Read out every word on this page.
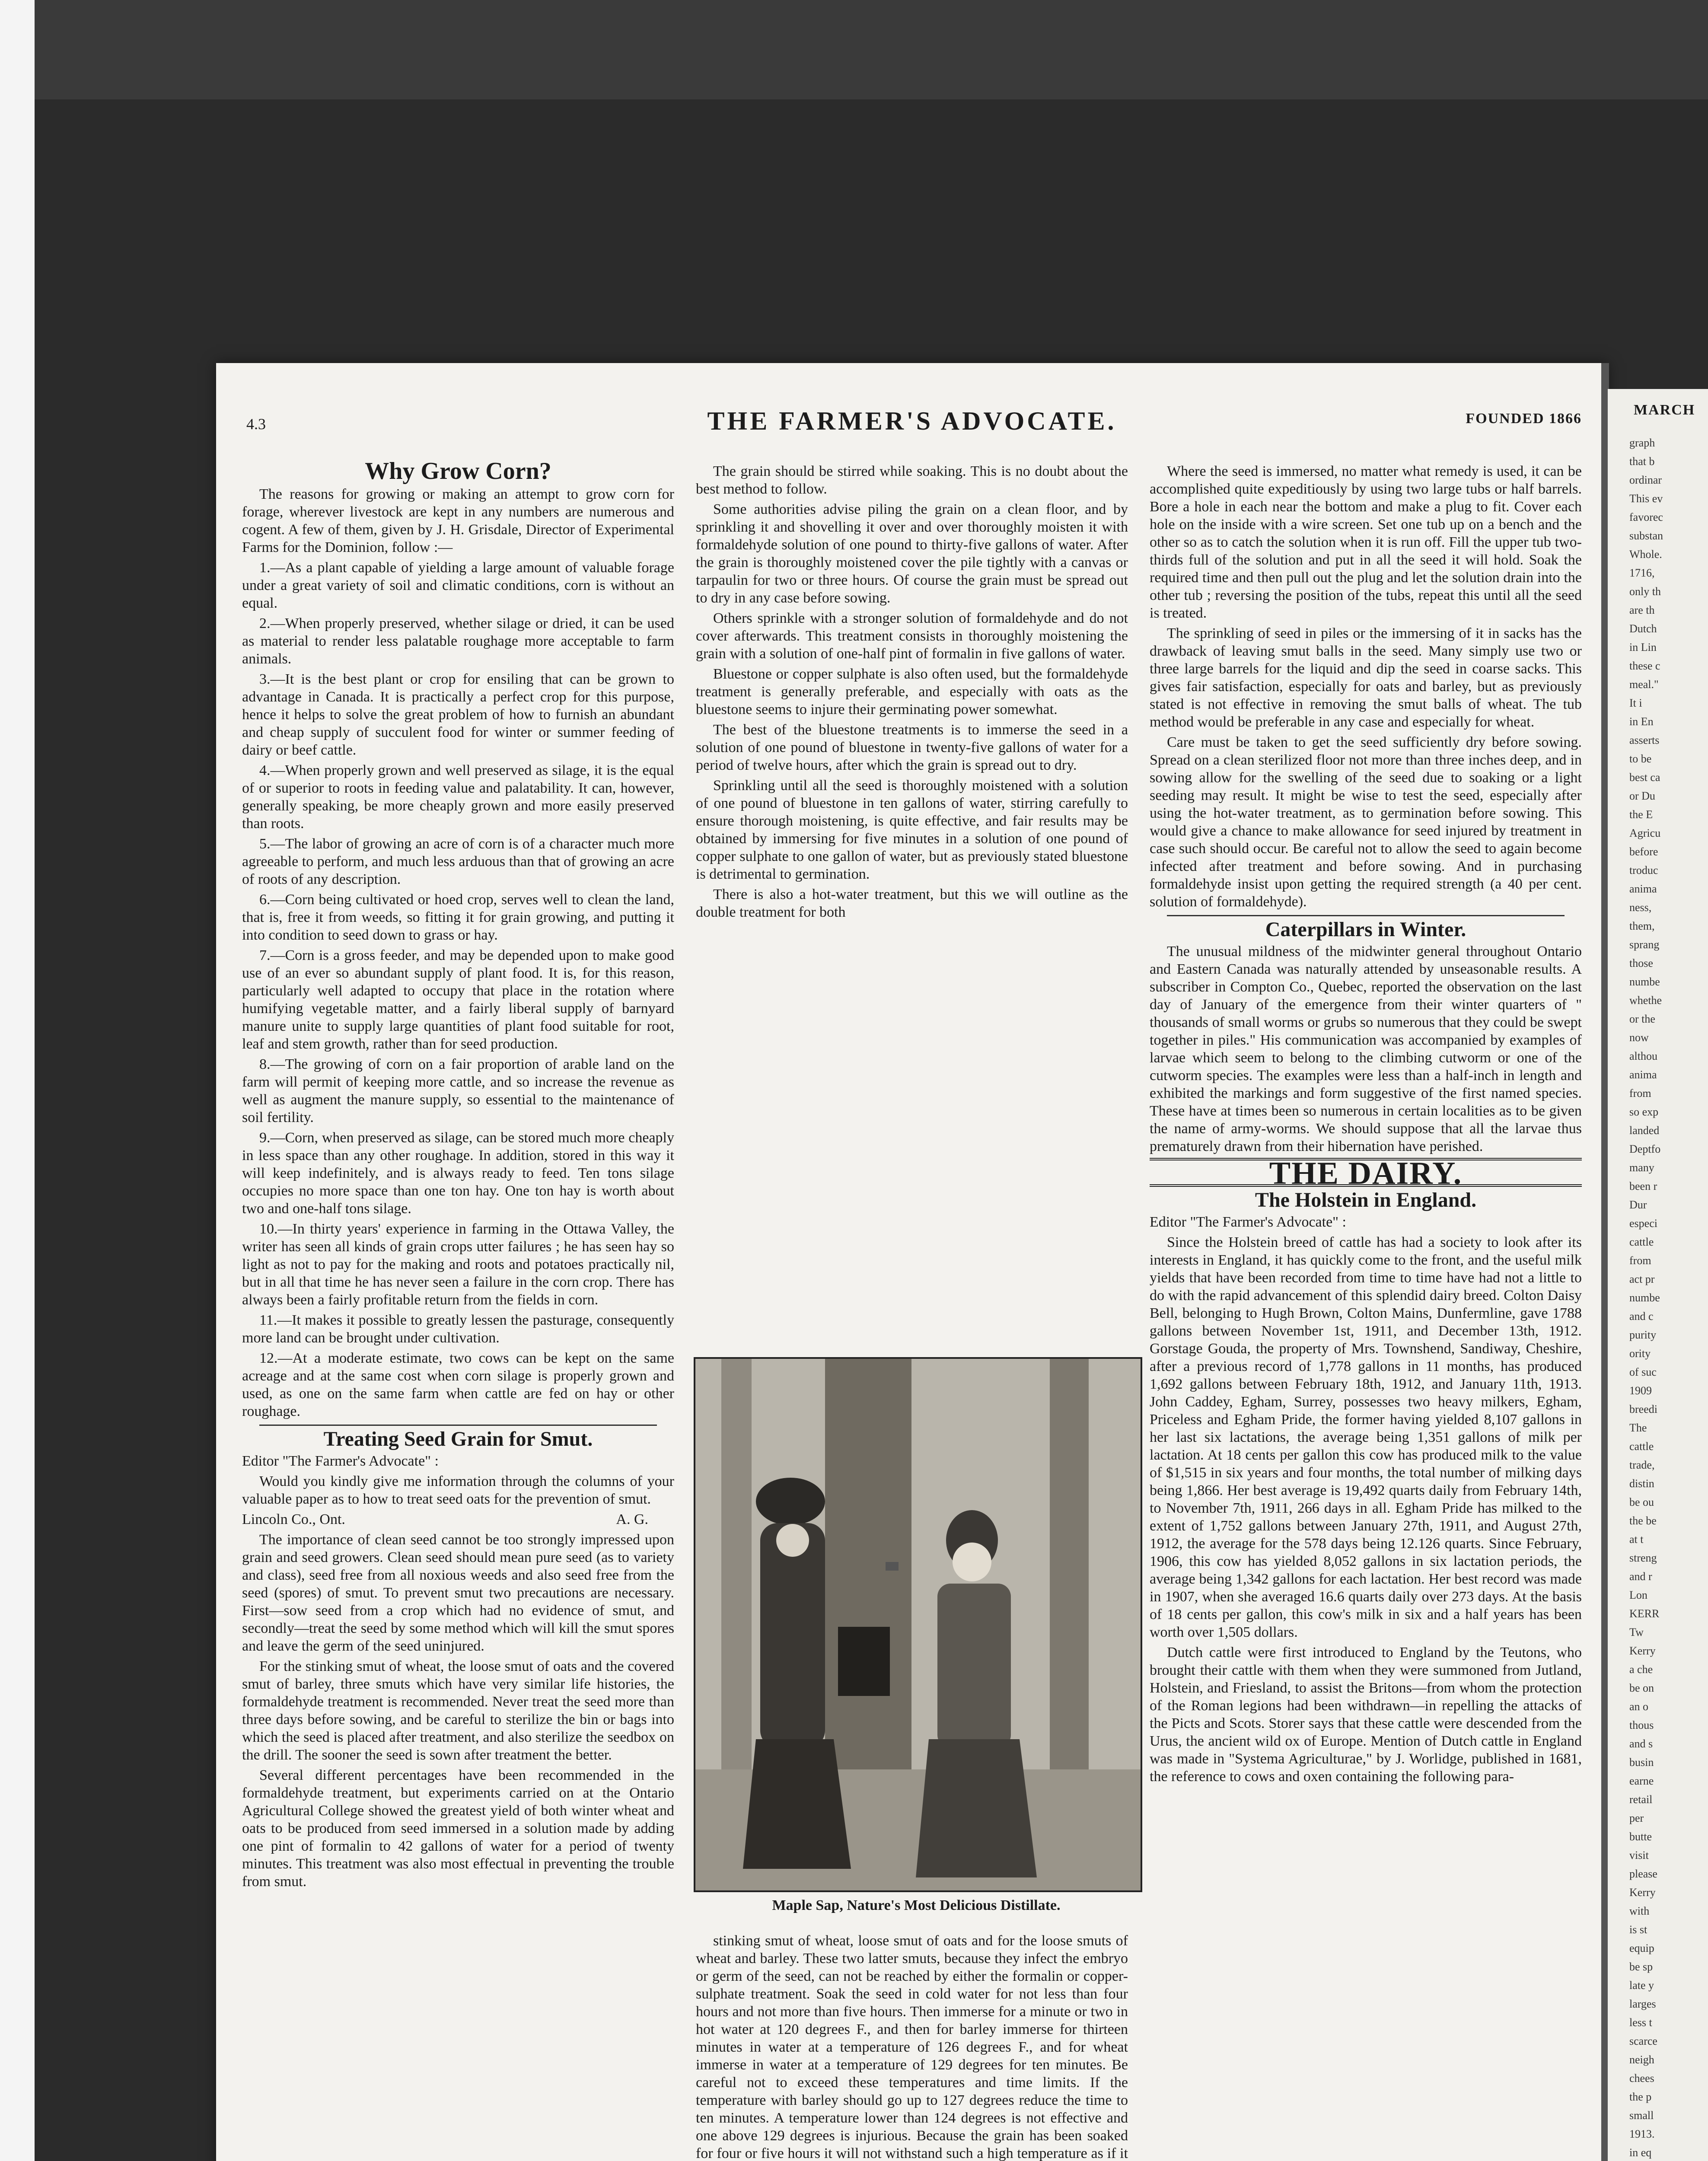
4.3	THE FARMER'S ADVOCATE.	FOUNDED 1866
Why Grow Corn?

The reasons for growing or making an attempt to grow corn for forage, wherever livestock are kept in any numbers are numerous and cogent. A few of them, given by J. H. Grisdale, Director of Experimental Farms for the Dominion, follow :—

1.—As a plant capable of yielding a large amount of valuable forage under a great variety of soil and climatic conditions, corn is without an equal.

2.—When properly preserved, whether silage or dried, it can be used as material to render less palatable roughage more acceptable to farm animals.

3.—It is the best plant or crop for ensiling that can be grown to advantage in Canada. It is practically a perfect crop for this purpose, hence it helps to solve the great problem of how to furnish an abundant and cheap supply of succulent food for winter or summer feeding of dairy or beef cattle.

4.—When properly grown and well preserved as silage, it is the equal of or superior to roots in feeding value and palatability. It can, however, generally speaking, be more cheaply grown and more easily preserved than roots.

5.—The labor of growing an acre of corn is of a character much more agreeable to perform, and much less arduous than that of growing an acre of roots of any description.

6.—Corn being cultivated or hoed crop, serves well to clean the land, that is, free it from weeds, so fitting it for grain growing, and putting it into condition to seed down to grass or hay.

7.—Corn is a gross feeder, and may be depended upon to make good use of an ever so abundant supply of plant food. It is, for this reason, particularly well adapted to occupy that place in the rotation where humifying vegetable matter, and a fairly liberal supply of barnyard manure unite to supply large quantities of plant food suitable for root, leaf and stem growth, rather than for seed production.

8.—The growing of corn on a fair proportion of arable land on the farm will permit of keeping more cattle, and so increase the revenue as well as augment the manure supply, so essential to the maintenance of soil fertility.

9.—Corn, when preserved as silage, can be stored much more cheaply in less space than any other roughage. In addition, stored in this way it will keep indefinitely, and is always ready to feed. Ten tons silage occupies no more space than one ton hay. One ton hay is worth about two and one-half tons silage.

10.—In thirty years' experience in farming in the Ottawa Valley, the writer has seen all kinds of grain crops utter failures ; he has seen hay so light as not to pay for the making and roots and potatoes practically nil, but in all that time he has never seen a failure in the corn crop. There has always been a fairly profitable return from the fields in corn.

11.—It makes it possible to greatly lessen the pasturage, consequently more land can be brought under cultivation.

12.—At a moderate estimate, two cows can be kept on the same acreage and at the same cost when corn silage is properly grown and used, as one on the same farm when cattle are fed on hay or other roughage.

Treating Seed Grain for Smut.

Editor "The Farmer's Advocate" :

Would you kindly give me information through the columns of your valuable paper as to how to treat seed oats for the prevention of smut.

Lincoln Co., Ont.	A. G.

The importance of clean seed cannot be too strongly impressed upon grain and seed growers. Clean seed should mean pure seed (as to variety and class), seed free from all noxious weeds and also seed free from the seed (spores) of smut. To prevent smut two precautions are necessary. First—sow seed from a crop which had no evidence of smut, and secondly—treat the seed by some method which will kill the smut spores and leave the germ of the seed uninjured.

For the stinking smut of wheat, the loose smut of oats and the covered smut of barley, three smuts which have very similar life histories, the formaldehyde treatment is recommended. Never treat the seed more than three days before sowing, and be careful to sterilize the bin or bags into which the seed is placed after treatment, and also sterilize the seedbox on the drill. The sooner the seed is sown after treatment the better.

Several different percentages have been recommended in the formaldehyde treatment, but experiments carried on at the Ontario Agricultural College showed the greatest yield of both winter wheat and oats to be produced from seed immersed in a solution made by adding one pint of formalin to 42 gallons of water for a period of twenty minutes. This treatment was also most effectual in preventing the trouble from smut.

The grain should be stirred while soaking. This is no doubt about the best method to follow.

Some authorities advise piling the grain on a clean floor, and by sprinkling it and shovelling it over and over thoroughly moisten it with formaldehyde solution of one pound to thirty-five gallons of water. After the grain is thoroughly moistened cover the pile tightly with a canvas or tarpaulin for two or three hours. Of course the grain must be spread out to dry in any case before sowing.

Others sprinkle with a stronger solution of formaldehyde and do not cover afterwards. This treatment consists in thoroughly moistening the grain with a solution of one-half pint of formalin in five gallons of water.

Bluestone or copper sulphate is also often used, but the formaldehyde treatment is generally preferable, and especially with oats as the bluestone seems to injure their germinating power somewhat.

The best of the bluestone treatments is to immerse the seed in a solution of one pound of bluestone in twenty-five gallons of water for a period of twelve hours, after which the grain is spread out to dry.

Sprinkling until all the seed is thoroughly moistened with a solution of one pound of bluestone in ten gallons of water, stirring carefully to ensure thorough moistening, is quite effective, and fair results may be obtained by immersing for five minutes in a solution of one pound of copper sulphate to one gallon of water, but as previously stated bluestone is detrimental to germination.

There is also a hot-water treatment, but this we will outline as the double treatment for both

Maple Sap, Nature's Most Delicious Distillate.

stinking smut of wheat, loose smut of oats and for the loose smuts of wheat and barley. These two latter smuts, because they infect the embryo or germ of the seed, can not be reached by either the formalin or copper-sulphate treatment. Soak the seed in cold water for not less than four hours and not more than five hours. Then immerse for a minute or two in hot water at 120 degrees F., and then for barley immerse for thirteen minutes in water at a temperature of 126 degrees F., and for wheat immerse in water at a temperature of 129 degrees for ten minutes. Be careful not to exceed these temperatures and time limits. If the temperature with barley should go up to 127 degrees reduce the time to ten minutes. A temperature lower than 124 degrees is not effective and one above 129 degrees is injurious. Because the grain has been soaked for four or five hours it will not withstand such a high temperature as if it

Where the seed is immersed, no matter what remedy is used, it can be accomplished quite expeditiously by using two large tubs or half barrels. Bore a hole in each near the bottom and make a plug to fit. Cover each hole on the inside with a wire screen. Set one tub up on a bench and the other so as to catch the solution when it is run off. Fill the upper tub two-thirds full of the solution and put in all the seed it will hold. Soak the required time and then pull out the plug and let the solution drain into the other tub ; reversing the position of the tubs, repeat this until all the seed is treated.

The sprinkling of seed in piles or the immersing of it in sacks has the drawback of leaving smut balls in the seed. Many simply use two or three large barrels for the liquid and dip the seed in coarse sacks. This gives fair satisfaction, especially for oats and barley, but as previously stated is not effective in removing the smut balls of wheat. The tub method would be preferable in any case and especially for wheat.

Care must be taken to get the seed sufficiently dry before sowing. Spread on a clean sterilized floor not more than three inches deep, and in sowing allow for the swelling of the seed due to soaking or a light seeding may result. It might be wise to test the seed, especially after using the hot-water treatment, as to germination before sowing. This would give a chance to make allowance for seed injured by treatment in case such should occur. Be careful not to allow the seed to again become infected after treatment and before sowing. And in purchasing formaldehyde insist upon getting the required strength (a 40 per cent. solution of formaldehyde).

Caterpillars in Winter.

The unusual mildness of the midwinter general throughout Ontario and Eastern Canada was naturally attended by unseasonable results. A subscriber in Compton Co., Quebec, reported the observation on the last day of January of the emergence from their winter quarters of " thousands of small worms or grubs so numerous that they could be swept together in piles." His communication was accompanied by examples of larvae which seem to belong to the climbing cutworm or one of the cutworm species. The examples were less than a half-inch in length and exhibited the markings and form suggestive of the first named species. These have at times been so numerous in certain localities as to be given the name of army-worms. We should suppose that all the larvae thus prematurely drawn from their hibernation have perished.

THE DAIRY.
The Holstein in England.

Editor "The Farmer's Advocate" :

Since the Holstein breed of cattle has had a society to look after its interests in England, it has quickly come to the front, and the useful milk yields that have been recorded from time to time have had not a little to do with the rapid advancement of this splendid dairy breed. Colton Daisy Bell, belonging to Hugh Brown, Colton Mains, Dunfermline, gave 1788 gallons between November 1st, 1911, and December 13th, 1912. Gorstage Gouda, the property of Mrs. Townshend, Sandiway, Cheshire, after a previous record of 1,778 gallons in 11 months, has produced 1,692 gallons between February 18th, 1912, and January 11th, 1913. John Caddey, Egham, Surrey, possesses two heavy milkers, Egham, Priceless and Egham Pride, the former having yielded 8,107 gallons in her last six lactations, the average being 1,351 gallons of milk per lactation. At 18 cents per gallon this cow has produced milk to the value of $1,515 in six years and four months, the total number of milking days being 1,866. Her best average is 19,492 quarts daily from February 14th, to November 7th, 1911, 266 days in all. Egham Pride has milked to the extent of 1,752 gallons between January 27th, 1911, and August 27th, 1912, the average for the 578 days being 12.126 quarts. Since February, 1906, this cow has yielded 8,052 gallons in six lactation periods, the average being 1,342 gallons for each lactation. Her best record was made in 1907, when she averaged 16.6 quarts daily over 273 days. At the basis of 18 cents per gallon, this cow's milk in six and a half years has been worth over 1,505 dollars.

Dutch cattle were first introduced to England by the Teutons, who brought their cattle with them when they were summoned from Jutland, Holstein, and Friesland, to assist the Britons—from whom the protection of the Roman legions had been withdrawn—in repelling the attacks of the Picts and Scots. Storer says that these cattle were descended from the Urus, the ancient wild ox of Europe. Mention of Dutch cattle in England was made in "Systema Agriculturae," by J. Worlidge, published in 1681, the reference to cows and oxen containing the following para-

MARCH
graph
that b
ordinar
This ev
favorec
substan
Whole.
1716,
only th
are th
Dutch
in Lin
these c
meal."
It i
in En
asserts
to be
best ca
or Du
the E
Agricu
before
troduc
anima
ness,
them,
sprang
those
numbe
whethe
or the
now
althou
anima
from
so exp
landed
Deptfo
many
been r
Dur
especi
cattle
from
act pr
numbe
and c
purity
ority
of suc
1909
breedi
The
cattle
trade,
distin
be ou
the be
at t
streng
and r
Lon
KERR
Tw
Kerry
a che
be on
an o
thous
and s
busin
earne
retail
per
butte
visit
please
Kerry
with
is st
equip
be sp
late y
larges
less t
scarce
neigh
chees
the p
small
1913.
in eq
